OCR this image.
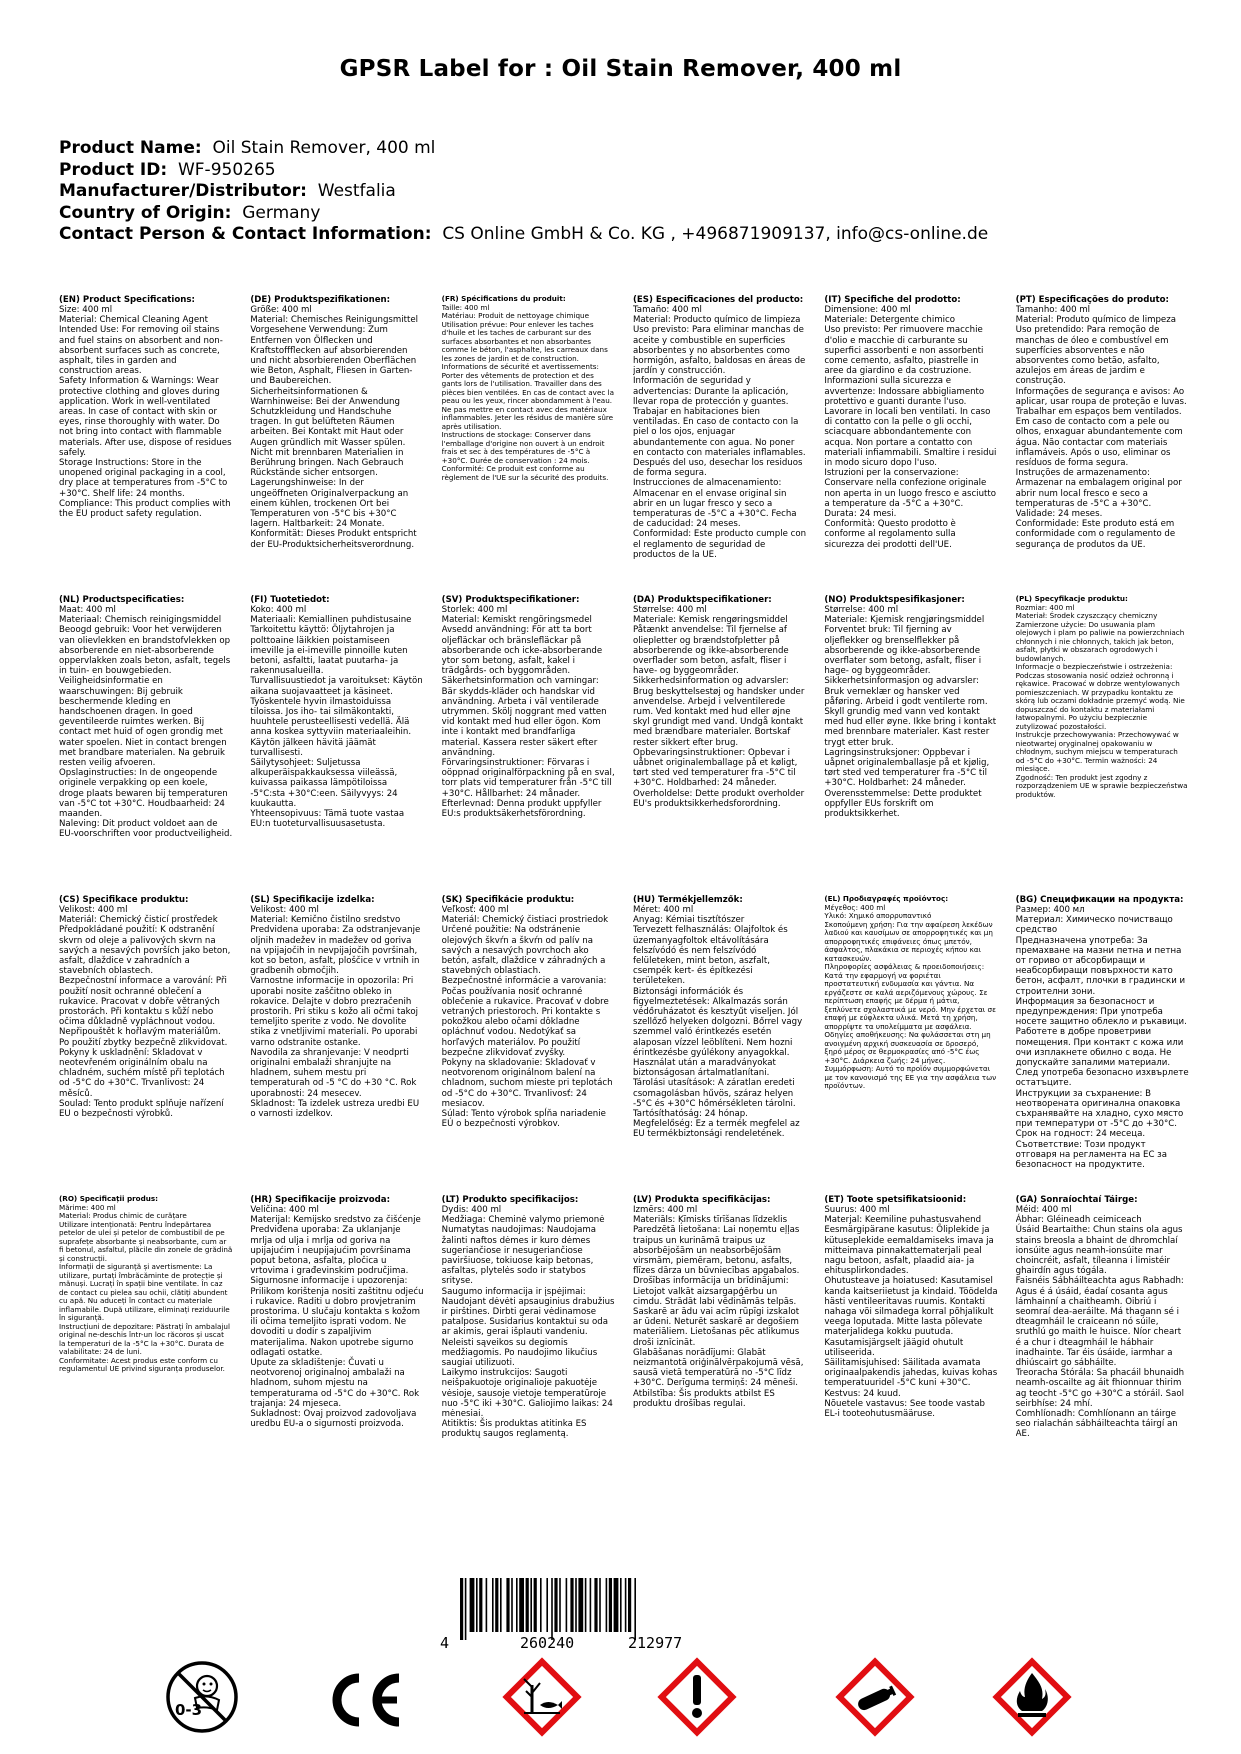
GPSR Label for : Oil Stain Remover, 400 ml
Product Name: Oil Stain Remover, 400 ml
Product ID: WF-950265
Manufacturer/Distributor: Westfalia
Country of Origin: Germany
Contact Person & Contact Information: CS Online GmbH & Co. KG , +496871909137, info@cs-online.de
(EN) Product Specifications:
Size: 400 ml
Material: Chemical Cleaning Agent
Intended Use: For removing oil stains and fuel stains on absorbent and non-absorbent surfaces such as concrete, asphalt, tiles in garden and construction areas.
Safety Information & Warnings: Wear protective clothing and gloves during application. Work in well-ventilated areas. In case of contact with skin or eyes, rinse thoroughly with water. Do not bring into contact with flammable materials. After use, dispose of residues safely.
Storage Instructions: Store in the unopened original packaging in a cool, dry place at temperatures from -5°C to +30°C. Shelf life: 24 months.
Compliance: This product complies with the EU product safety regulation.
(DE) Produktspezifikationen:
Größe: 400 ml
Material: Chemisches Reinigungsmittel
Vorgesehene Verwendung: Zum Entfernen von Ölflecken und Kraftstoffflecken auf absorbierenden und nicht absorbierenden Oberflächen wie Beton, Asphalt, Fliesen in Garten- und Baubereichen.
Sicherheitsinformationen & Warnhinweise: Bei der Anwendung Schutzkleidung und Handschuhe tragen. In gut belüfteten Räumen arbeiten. Bei Kontakt mit Haut oder Augen gründlich mit Wasser spülen. Nicht mit brennbaren Materialien in Berührung bringen. Nach Gebrauch Rückstände sicher entsorgen.
Lagerungshinweise: In der ungeöffneten Originalverpackung an einem kühlen, trockenen Ort bei Temperaturen von -5°C bis +30°C lagern. Haltbarkeit: 24 Monate.
Konformität: Dieses Produkt entspricht der EU-Produktsicherheitsverordnung.
(FR) Spécifications du produit:
Taille: 400 ml
Matériau: Produit de nettoyage chimique
Utilisation prévue: Pour enlever les taches d'huile et les taches de carburant sur des surfaces absorbantes et non absorbantes comme le béton, l'asphalte, les carreaux dans les zones de jardin et de construction.
Informations de sécurité et avertissements: Porter des vêtements de protection et des gants lors de l'utilisation. Travailler dans des pièces bien ventilées. En cas de contact avec la peau ou les yeux, rincer abondamment à l'eau. Ne pas mettre en contact avec des matériaux inflammables. Jeter les résidus de manière sûre après utilisation.
Instructions de stockage: Conserver dans l'emballage d'origine non ouvert à un endroit frais et sec à des températures de -5°C à +30°C. Durée de conservation : 24 mois.
Conformité: Ce produit est conforme au règlement de l'UE sur la sécurité des produits.
(ES) Especificaciones del producto:
Tamaño: 400 ml
Material: Producto químico de limpieza
Uso previsto: Para eliminar manchas de aceite y combustible en superficies absorbentes y no absorbentes como hormigón, asfalto, baldosas en áreas de jardín y construcción.
Información de seguridad y advertencias: Durante la aplicación, llevar ropa de protección y guantes. Trabajar en habitaciones bien ventiladas. En caso de contacto con la piel o los ojos, enjuagar abundantemente con agua. No poner en contacto con materiales inflamables. Después del uso, desechar los residuos de forma segura.
Instrucciones de almacenamiento: Almacenar en el envase original sin abrir en un lugar fresco y seco a temperaturas de -5°C a +30°C. Fecha de caducidad: 24 meses.
Conformidad: Este producto cumple con el reglamento de seguridad de productos de la UE.
(IT) Specifiche del prodotto:
Dimensione: 400 ml
Materiale: Detergente chimico
Uso previsto: Per rimuovere macchie d'olio e macchie di carburante su superfici assorbenti e non assorbenti come cemento, asfalto, piastrelle in aree da giardino e da costruzione.
Informazioni sulla sicurezza e avvertenze: Indossare abbigliamento protettivo e guanti durante l'uso. Lavorare in locali ben ventilati. In caso di contatto con la pelle o gli occhi, sciacquare abbondantemente con acqua. Non portare a contatto con materiali infiammabili. Smaltire i residui in modo sicuro dopo l'uso.
Istruzioni per la conservazione: Conservare nella confezione originale non aperta in un luogo fresco e asciutto a temperature da -5°C a +30°C. Durata: 24 mesi.
Conformità: Questo prodotto è conforme al regolamento sulla sicurezza dei prodotti dell'UE.
(PT) Especificações do produto:
Tamanho: 400 ml
Material: Produto químico de limpeza
Uso pretendido: Para remoção de manchas de óleo e combustível em superfícies absorventes e não absorventes como betão, asfalto, azulejos em áreas de jardim e construção.
Informações de segurança e avisos: Ao aplicar, usar roupa de proteção e luvas. Trabalhar em espaços bem ventilados. Em caso de contacto com a pele ou olhos, enxaguar abundantemente com água. Não contactar com materiais inflamáveis. Após o uso, eliminar os resíduos de forma segura.
Instruções de armazenamento: Armazenar na embalagem original por abrir num local fresco e seco a temperaturas de -5°C a +30°C. Validade: 24 meses.
Conformidade: Este produto está em conformidade com o regulamento de segurança de produtos da UE.
(NL) Productspecificaties:
Maat: 400 ml
Materiaal: Chemisch reinigingsmiddel
Beoogd gebruik: Voor het verwijderen van olievlekken en brandstofvlekken op absorberende en niet-absorberende oppervlakken zoals beton, asfalt, tegels in tuin- en bouwgebieden.
Veiligheidsinformatie en waarschuwingen: Bij gebruik beschermende kleding en handschoenen dragen. In goed geventileerde ruimtes werken. Bij contact met huid of ogen grondig met water spoelen. Niet in contact brengen met brandbare materialen. Na gebruik resten veilig afvoeren.
Opslaginstructies: In de ongeopende originele verpakking op een koele, droge plaats bewaren bij temperaturen van -5°C tot +30°C. Houdbaarheid: 24 maanden.
Naleving: Dit product voldoet aan de EU-voorschriften voor productveiligheid.
(FI) Tuotetiedot:
Koko: 400 ml
Materiaali: Kemiallinen puhdistusaine
Tarkoitettu käyttö: Öljytahrojen ja polttoaine läikkien poistamiseen imeville ja ei-imeville pinnoille kuten betoni, asfaltti, laatat puutarha- ja rakennusalueilla.
Turvallisuustiedot ja varoitukset: Käytön aikana suojavaatteet ja käsineet. Työskentele hyvin ilmastoiduissa tiloissa. Jos iho- tai silmäkontakti, huuhtele perusteellisesti vedellä. Älä anna koskea syttyviin materiaaleihin. Käytön jälkeen hävitä jäämät turvallisesti.
Säilytysohjeet: Suljetussa alkuperäispakkauksessa viileässä, kuivassa paikassa lämpötiloissa -5°C:sta +30°C:een. Säilyvyys: 24 kuukautta.
Yhteensopivuus: Tämä tuote vastaa EU:n tuoteturvallisuusasetusta.
(SV) Produktspecifikationer:
Storlek: 400 ml
Material: Kemiskt rengöringsmedel
Avsedd användning: För att ta bort oljefläckar och bränslefläckar på absorberande och icke-absorberande ytor som betong, asfalt, kakel i trädgårds- och byggområden.
Säkerhetsinformation och varningar: Bär skydds-kläder och handskar vid användning. Arbeta i väl ventilerade utrymmen. Skölj noggrant med vatten vid kontakt med hud eller ögon. Kom inte i kontakt med brandfarliga material. Kassera rester säkert efter användning.
Förvaringsinstruktioner: Förvaras i oöppnad originalförpackning på en sval, torr plats vid temperaturer från -5°C till +30°C. Hållbarhet: 24 månader.
Efterlevnad: Denna produkt uppfyller EU:s produktsäkerhetsförordning.
(DA) Produktspecifikationer:
Størrelse: 400 ml
Materiale: Kemisk rengøringsmiddel
Påtænkt anvendelse: Til fjernelse af oliepletter og brændstofpletter på absorberende og ikke-absorberende overflader som beton, asfalt, fliser i have- og byggeområder.
Sikkerhedsinformation og advarsler: Brug beskyttelsestøj og handsker under anvendelse. Arbejd i velventilerede rum. Ved kontakt med hud eller øjne skyl grundigt med vand. Undgå kontakt med brændbare materialer. Bortskaf rester sikkert efter brug.
Opbevaringsinstruktioner: Opbevar i uåbnet originalemballage på et køligt, tørt sted ved temperaturer fra -5°C til +30°C. Holdbarhed: 24 måneder.
Overholdelse: Dette produkt overholder EU's produktsikkerhedsforordning.
(NO) Produktspesifikasjoner:
Størrelse: 400 ml
Materiale: Kjemisk rengjøringsmiddel
Forventet bruk: Til fjerning av oljeflekker og brenselflekker på absorberende og ikke-absorberende overflater som betong, asfalt, fliser i hage- og byggeområder.
Sikkerhetsinformasjon og advarsler: Bruk verneklær og hansker ved påføring. Arbeid i godt ventilerte rom. Skyll grundig med vann ved kontakt med hud eller øyne. Ikke bring i kontakt med brennbare materialer. Kast rester trygt etter bruk.
Lagringsinstruksjoner: Oppbevar i uåpnet originalemballasje på et kjølig, tørt sted ved temperaturer fra -5°C til +30°C. Holdbarhet: 24 måneder.
Overensstemmelse: Dette produktet oppfyller EUs forskrift om produktsikkerhet.
(PL) Specyfikacje produktu:
Rozmiar: 400 ml
Materiał: Środek czyszczący chemiczny
Zamierzone użycie: Do usuwania plam olejowych i plam po paliwie na powierzchniach chłonnych i nie chłonnych, takich jak beton, asfalt, płytki w obszarach ogrodowych i budowlanych.
Informacje o bezpieczeństwie i ostrzeżenia: Podczas stosowania nosić odzież ochronną i rękawice. Pracować w dobrze wentylowanych pomieszczeniach. W przypadku kontaktu ze skórą lub oczami dokładnie przemyć wodą. Nie dopuszczać do kontaktu z materiałami łatwopalnymi. Po użyciu bezpiecznie zutylizować pozostałości.
Instrukcje przechowywania: Przechowywać w nieotwartej oryginalnej opakowaniu w chłodnym, suchym miejscu w temperaturach od -5°C do +30°C. Termin ważności: 24 miesiące.
Zgodność: Ten produkt jest zgodny z rozporządzeniem UE w sprawie bezpieczeństwa produktów.
(CS) Specifikace produktu:
Velikost: 400 ml
Materiál: Chemický čisticí prostředek
Předpokládané použití: K odstranění skvrn od oleje a palivových skvrn na savých a nesavých površích jako beton, asfalt, dlaždice v zahradních a stavebních oblastech.
Bezpečnostní informace a varování: Při použití nosit ochranné oblečení a rukavice. Pracovat v dobře větraných prostorách. Při kontaktu s kůží nebo očima důkladně vypláchnout vodou. Nepřipouštět k hořlavým materiálům. Po použití zbytky bezpečně zlikvidovat.
Pokyny k uskladnění: Skladovat v neotevřeném originálním obalu na chladném, suchém místě při teplotách od -5°C do +30°C. Trvanlivost: 24 měsíců.
Soulad: Tento produkt splňuje nařízení EU o bezpečnosti výrobků.
(SL) Specifikacije izdelka:
Velikost: 400 ml
Material: Kemično čistilno sredstvo
Predvidena uporaba: Za odstranjevanje oljnih madežev in madežev od goriva na vpijajočih in nevpijajočih površinah, kot so beton, asfalt, ploščice v vrtnih in gradbenih območjih.
Varnostne informacije in opozorila: Pri uporabi nosite zaščitno obleko in rokavice. Delajte v dobro prezračenih prostorih. Pri stiku s kožo ali očmi takoj temeljito sperite z vodo. Ne dovolite stika z vnetljivimi materiali. Po uporabi varno odstranite ostanke.
Navodila za shranjevanje: V neodprti originalni embalaži shranjujte na hladnem, suhem mestu pri temperaturah od -5 °C do +30 °C. Rok uporabnosti: 24 mesecev.
Skladnost: Ta izdelek ustreza uredbi EU o varnosti izdelkov.
(SK) Špecifikácie produktu:
Veľkosť: 400 ml
Materiál: Chemický čistiaci prostriedok
Určené použitie: Na odstránenie olejových škvŕn a škvŕn od palív na savých a nesavých povrchoch ako betón, asfalt, dlaždice v záhradných a stavebných oblastiach.
Bezpečnostné informácie a varovania: Počas používania nosiť ochranné oblečenie a rukavice. Pracovať v dobre vetraných priestoroch. Pri kontakte s pokožkou alebo očami dôkladne opláchnuť vodou. Nedotýkať sa horľavých materiálov. Po použití bezpečne zlikvidovať zvyšky.
Pokyny na skladovanie: Skladovať v neotvorenom originálnom balení na chladnom, suchom mieste pri teplotách od -5°C do +30°C. Trvanlivosť: 24 mesiacov.
Súlad: Tento výrobok spĺňa nariadenie EÚ o bezpečnosti výrobkov.
(HU) Termékjellemzők:
Méret: 400 ml
Anyag: Kémiai tisztítószer
Tervezett felhasználás: Olajfoltok és üzemanyagfoltok eltávolítására felszívódó és nem felszívódó felületeken, mint beton, aszfalt, csempék kert- és építkezési területeken.
Biztonsági információk és figyelmeztetések: Alkalmazás során védőruházatot és kesztyűt viseljen. Jól szellőző helyeken dolgozni. Bőrrel vagy szemmel való érintkezés esetén alaposan vízzel leöblíteni. Nem hozni érintkezésbe gyúlékony anyagokkal. Használat után a maradványokat biztonságosan ártalmatlanítani.
Tárolási utasítások: A záratlan eredeti csomagolásban hűvös, száraz helyen -5°C és +30°C hőmérsékleten tárolni. Tartósíthatóság: 24 hónap.
Megfelelőség: Ez a termék megfelel az EU termékbiztonsági rendeletének.
(EL) Προδιαγραφές προϊόντος:
Μέγεθος: 400 ml
Υλικό: Χημικό απορρυπαντικό
Σκοπούμενη χρήση: Για την αφαίρεση λεκέδων λαδιού και καυσίμων σε απορροφητικές και μη απορροφητικές επιφάνειες όπως μπετόν, άσφαλτος, πλακάκια σε περιοχές κήπου και κατασκευών.
Πληροφορίες ασφάλειας & προειδοποιήσεις: Κατά την εφαρμογή να φοριέται προστατευτική ενδυμασία και γάντια. Να εργάζεστε σε καλά αεριζόμενους χώρους. Σε περίπτωση επαφής με δέρμα ή μάτια, ξεπλύνετε σχολαστικά με νερό. Μην έρχεται σε επαφή με εύφλεκτα υλικά. Μετά τη χρήση, απορρίψτε τα υπολείμματα με ασφάλεια.
Οδηγίες αποθήκευσης: Να φυλάσσεται στη μη ανοιγμένη αρχική συσκευασία σε δροσερό, ξηρό μέρος σε θερμοκρασίες από -5°C έως +30°C. Διάρκεια ζωής: 24 μήνες.
Συμμόρφωση: Αυτό το προϊόν συμμορφώνεται με τον κανονισμό της ΕΕ για την ασφάλεια των προϊόντων.
(BG) Спецификации на продукта:
Размер: 400 мл
Материал: Химическо почистващо средство
Предназначена употреба: За премахване на мазни петна и петна от гориво от абсорбиращи и неабсорбиращи повърхности като бетон, асфалт, плочки в градински и строителни зони.
Информация за безопасност и предупреждения: При употреба носете защитно облекло и ръкавици. Работете в добре проветриви помещения. При контакт с кожа или очи изплакнете обилно с вода. Не допускайте запалими материали. След употреба безопасно изхвърлете остатъците.
Инструкции за съхранение: В неотворената оригинална опаковка съхранявайте на хладно, сухо място при температури от -5°C до +30°C. Срок на годност: 24 месеца.
Съответствие: Този продукт отговаря на регламента на ЕС за безопасност на продуктите.
(RO) Specificații produs:
Mărime: 400 ml
Material: Produs chimic de curățare
Utilizare intenționată: Pentru îndepărtarea petelor de ulei și petelor de combustibil de pe suprafețe absorbante și neabsorbante, cum ar fi betonul, asfaltul, plăcile din zonele de grădină și construcții.
Informații de siguranță și avertismente: La utilizare, purtați îmbrăcăminte de protecție și mănuși. Lucrați în spații bine ventilate. În caz de contact cu pielea sau ochii, clătiți abundent cu apă. Nu aduceți în contact cu materiale inflamabile. După utilizare, eliminați reziduurile în siguranță.
Instrucțiuni de depozitare: Păstrați în ambalajul original ne-deschis într-un loc răcoros și uscat la temperaturi de la -5°C la +30°C. Durata de valabilitate: 24 de luni.
Conformitate: Acest produs este conform cu regulamentul UE privind siguranța produselor.
(HR) Specifikacije proizvoda:
Veličina: 400 ml
Materijal: Kemijsko sredstvo za čišćenje
Predviđena uporaba: Za uklanjanje mrlja od ulja i mrlja od goriva na upijajućim i neupijajućim površinama poput betona, asfalta, pločica u vrtovima i građevinskim područjima.
Sigurnosne informacije i upozorenja: Prilikom korištenja nositi zaštitnu odjeću i rukavice. Raditi u dobro provjetranim prostorima. U slučaju kontakta s kožom ili očima temeljito isprati vodom. Ne dovoditi u dodir s zapaljivim materijalima. Nakon upotrebe sigurno odlagati ostatke.
Upute za skladištenje: Čuvati u neotvorenoj originalnoj ambalaži na hladnom, suhom mjestu na temperaturama od -5°C do +30°C. Rok trajanja: 24 mjeseca.
Sukladnost: Ovaj proizvod zadovoljava uredbu EU-a o sigurnosti proizvoda.
(LT) Produkto specifikacijos:
Dydis: 400 ml
Medžiaga: Cheminė valymo priemonė
Numatytas naudojimas: Naudojama žalinti naftos dėmes ir kuro dėmes sugeriančiose ir nesugeriančiose paviršiuose, tokiuose kaip betonas, asfaltas, plytelės sodo ir statybos srityse.
Saugumo informacija ir įspėjimai: Naudojant dėvėti apsauginius drabužius ir pirštines. Dirbti gerai vėdinamose patalpose. Susidarius kontaktui su oda ar akimis, gerai išplauti vandeniu. Neleisti sąveikos su degiomis medžiagomis. Po naudojimo likučius saugiai utilizuoti.
Laikymo instrukcijos: Saugoti neišpakuotoje originalioje pakuotėje vėsioje, sausoje vietoje temperatūroje nuo -5°C iki +30°C. Galiojimo laikas: 24 mėnesiai.
Atitiktis: Šis produktas atitinka ES produktų saugos reglamentą.
(LV) Produkta specifikācijas:
Izmērs: 400 ml
Materiāls: Ķīmisks tīrīšanas līdzeklis
Paredzētā lietošana: Lai noņemtu eļļas traipus un kurināmā traipus uz absorbējošām un neabsorbējošām virsmām, piemēram, betonu, asfalts, flīzes dārza un būvniecības apgabalos.
Drošības informācija un brīdinājumi: Lietojot valkāt aizsargapģērbu un cimdu. Strādāt labi vēdināmās telpās. Saskarē ar ādu vai acīm rūpīgi izskalot ar ūdeni. Neturēt saskarē ar degošiem materiāliem. Lietošanas pēc atlikumus droši iznīcināt.
Glabāšanas norādījumi: Glabāt neizmantotā oriģinālvērpakojumā vēsā, sausā vietā temperatūrā no -5°C līdz +30°C. Derīguma termiņš: 24 mēneši.
Atbilstība: Šis produkts atbilst ES produktu drošības regulai.
(ET) Toote spetsifikatsioonid:
Suurus: 400 ml
Materjal: Keemiline puhastusvahend
Eesmärgipärane kasutus: Õliplekide ja kütuseplekide eemaldamiseks imava ja mitteimava pinnakattematerjali peal nagu betoon, asfalt, plaadid aia- ja ehitusplirkondades.
Ohutusteave ja hoiatused: Kasutamisel kanda kaitseriietust ja kindaid. Töödelda hästi ventileeritavas ruumis. Kontakti nahaga või silmadega korral põhjalikult veega loputada. Mitte lasta põlevate materjalidega kokku puutuda. Kasutamisjärgselt jäägid ohutult utiliseerida.
Säilitamisjuhised: Säilitada avamata originaalpakendis jahedas, kuivas kohas temperatuuridel -5°C kuni +30°C. Kestvus: 24 kuud.
Nõuetele vastavus: See toode vastab EL-i tooteohutusmääruse.
(GA) Sonraíochtaí Táirge:
Méid: 400 ml
Ábhar: Gléineadh ceimiceach
Úsáid Beartaithe: Chun stains ola agus stains breosla a bhaint de dhromchlaí ionsúite agus neamh-ionsúite mar choincréit, asfalt, tíleanna i limistéir ghairdín agus tógála.
Faisnéis Sábháilteachta agus Rabhadh: Agus é á úsáid, éadaí cosanta agus lámhainní a chaitheamh. Oibriú i seomraí dea-aeráilte. Má thagann sé i dteagmháil le craiceann nó súile, sruthlú go maith le huisce. Níor cheart é a chur i dteagmháil le hábhair inadhainte. Tar éis úsáide, iarmhar a dhiúscairt go sábháilte.
Treoracha Stórála: Sa phacáil bhunaidh neamh-oscailte ag áit fhionnuar thirim ag teocht -5°C go +30°C a stóráil. Saol seirbhíse: 24 mhí.
Comhlíonadh: Comhlíonann an táirge seo rialachán sábháilteachta táirgí an AE.
4	260240	212977
0-3
